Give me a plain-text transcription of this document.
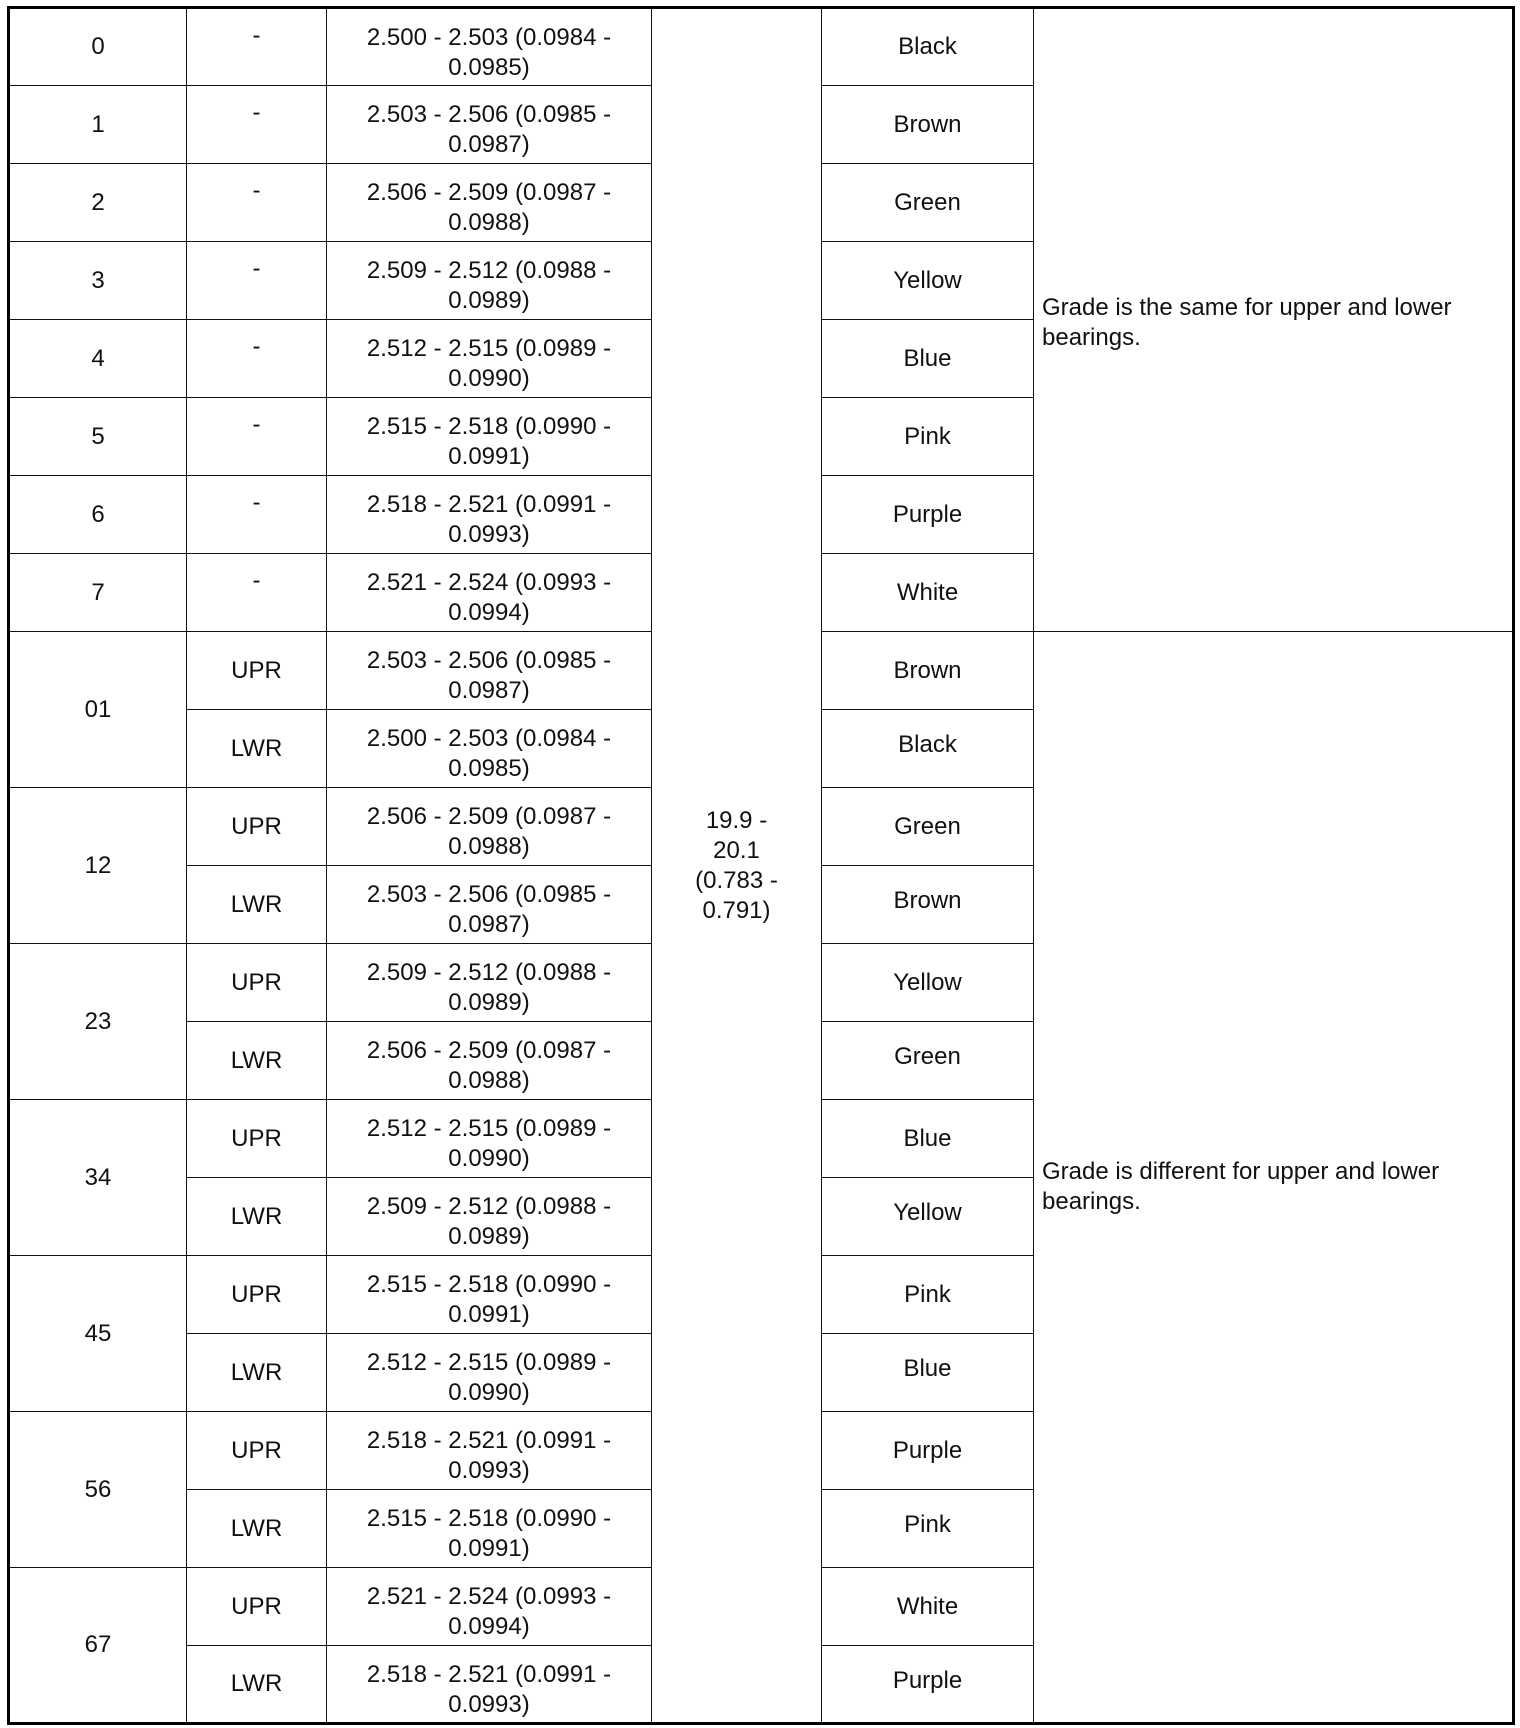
0	-	2.500 - 2.503 (0.0984 - 0.0985)	19.9 - 20.1 (0.783 - 0.791)	Black	Grade is the same for upper and lower bearings.

1	-	2.503 - 2.506 (0.0985 - 0.0987)		Brown	
2	-	2.506 - 2.509 (0.0987 - 0.0988)		Green	
3	-	2.509 - 2.512 (0.0988 - 0.0989)		Yellow	
4	-	2.512 - 2.515 (0.0989 - 0.0990)		Blue	
5	-	2.515 - 2.518 (0.0990 - 0.0991)		Pink	
6	-	2.518 - 2.521 (0.0991 - 0.0993)		Purple	
7	-	2.521 - 2.524 (0.0993 - 0.0994)		White	
01	UPR	2.503 - 2.506 (0.0985 - 0.0987)		Brown	Grade is different for upper and lower bearings.

	LWR	2.500 - 2.503 (0.0984 - 0.0985)		Black	
12	UPR	2.506 - 2.509 (0.0987 - 0.0988)		Green	
	LWR	2.503 - 2.506 (0.0985 - 0.0987)		Brown	
23	UPR	2.509 - 2.512 (0.0988 - 0.0989)		Yellow	
	LWR	2.506 - 2.509 (0.0987 - 0.0988)		Green	
34	UPR	2.512 - 2.515 (0.0989 - 0.0990)		Blue	
	LWR	2.509 - 2.512 (0.0988 - 0.0989)		Yellow	
45	UPR	2.515 - 2.518 (0.0990 - 0.0991)		Pink	
	LWR	2.512 - 2.515 (0.0989 - 0.0990)		Blue	
56	UPR	2.518 - 2.521 (0.0991 - 0.0993)		Purple	
	LWR	2.515 - 2.518 (0.0990 - 0.0991)		Pink	
67	UPR	2.521 - 2.524 (0.0993 - 0.0994)		White	
	LWR	2.518 - 2.521 (0.0991 - 0.0993)		Purple	
